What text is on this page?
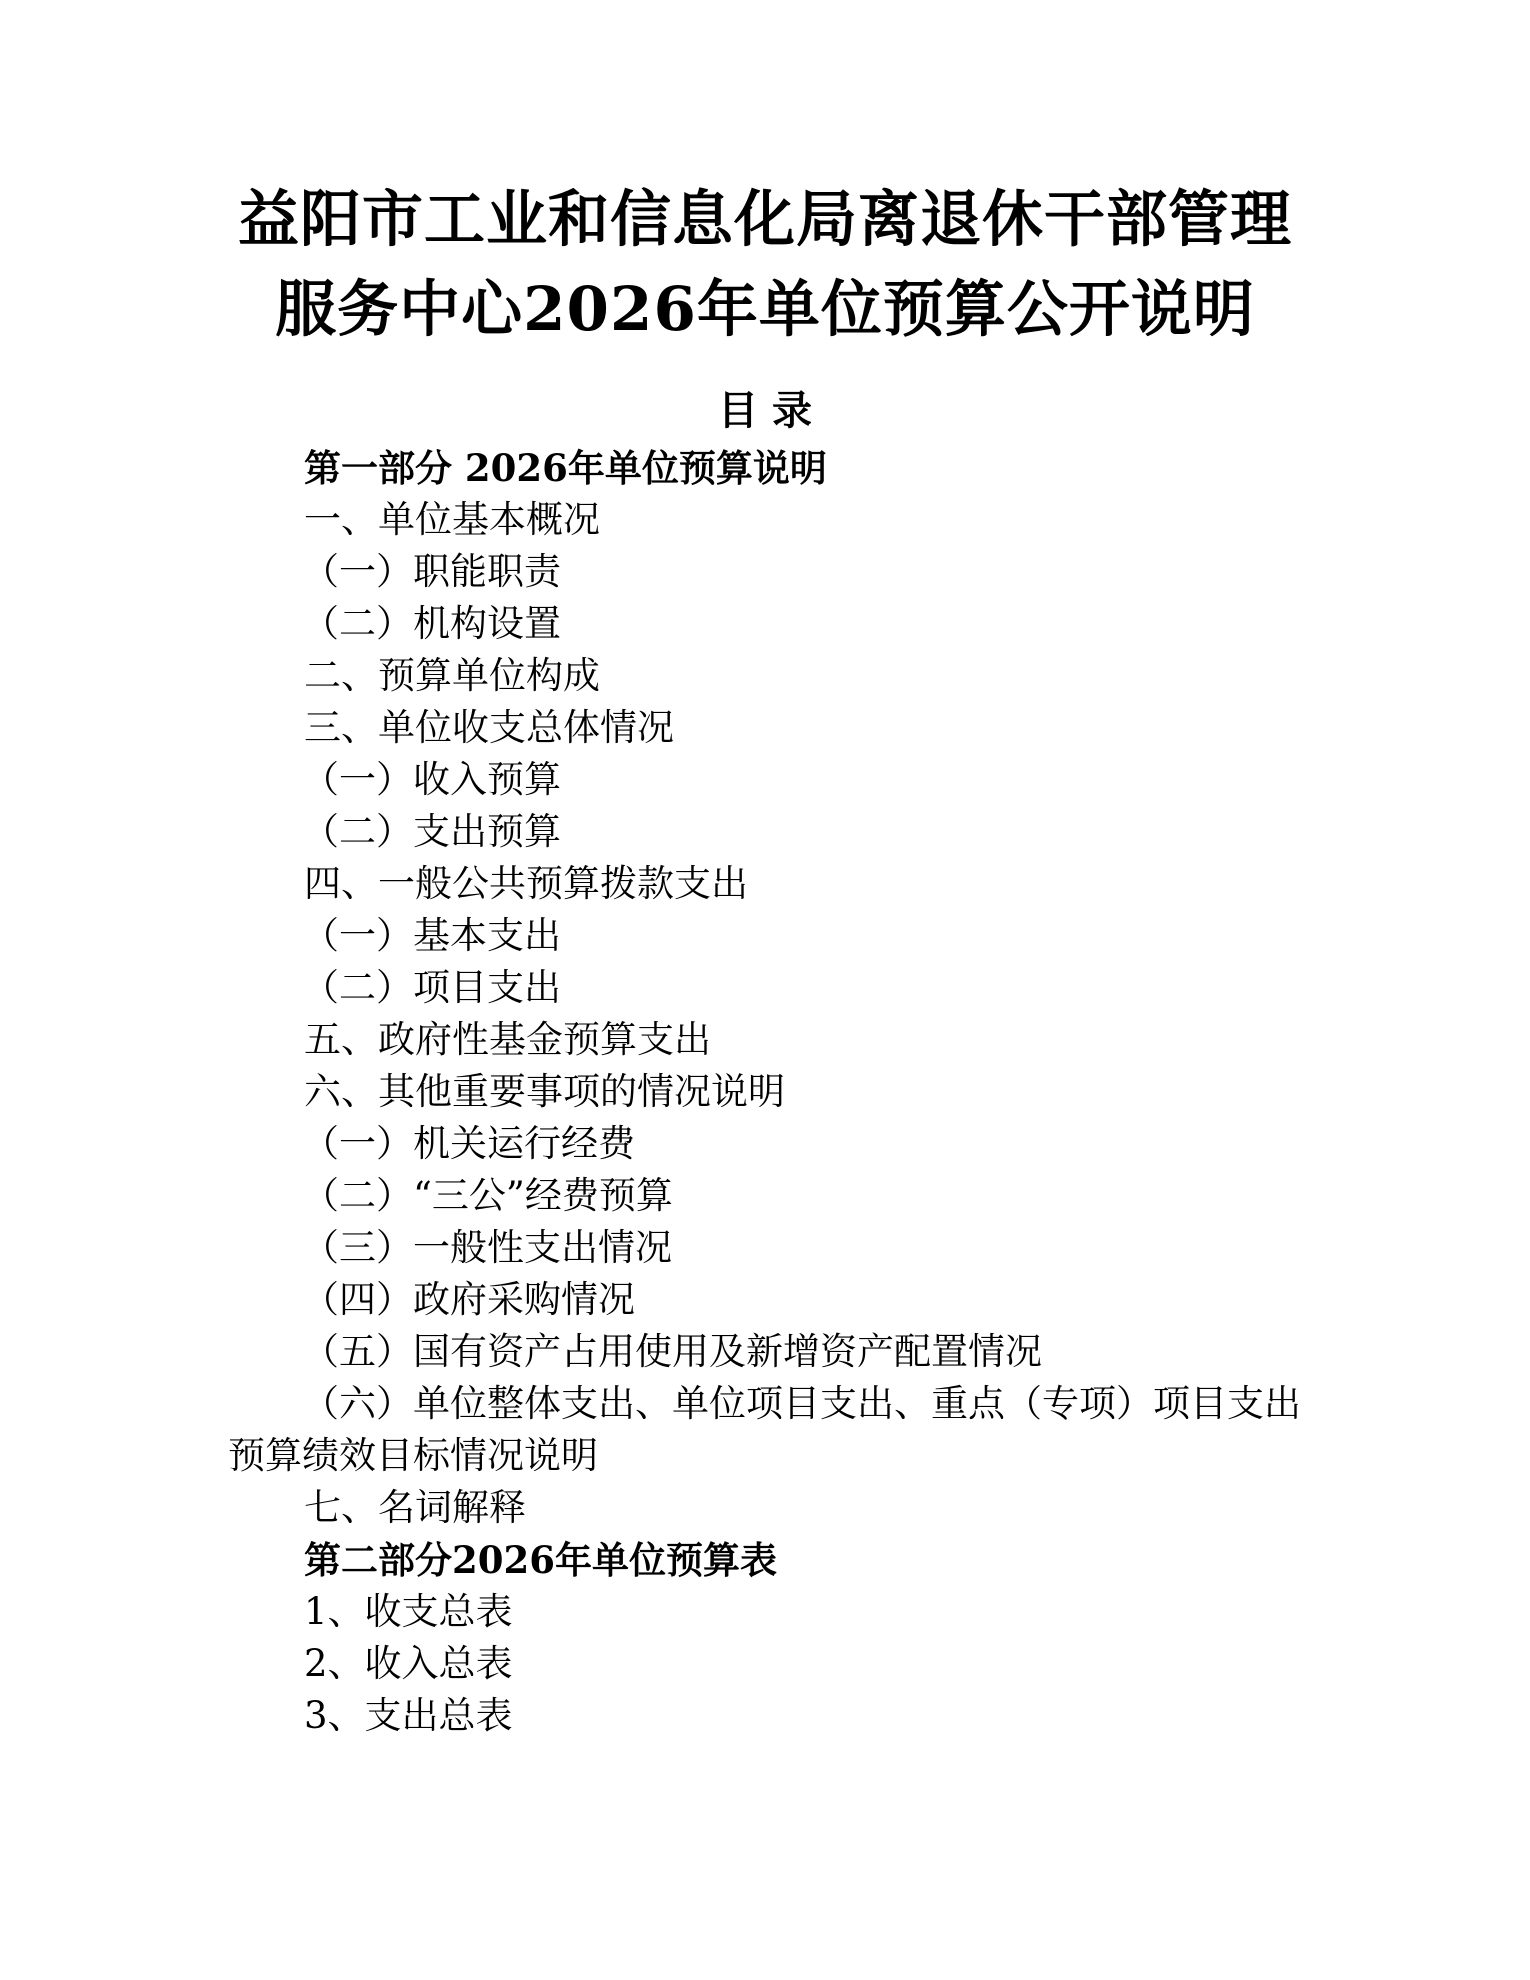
益阳市工业和信息化局离退休干部管理
服务中心2026年单位预算公开说明
目 录
第一部分 2026年单位预算说明
一、单位基本概况
（一）职能职责
（二）机构设置
二、预算单位构成
三、单位收支总体情况
（一）收入预算
（二）支出预算
四、一般公共预算拨款支出
（一）基本支出
（二）项目支出
五、政府性基金预算支出
六、其他重要事项的情况说明
（一）机关运行经费
（二）“三公”经费预算
（三）一般性支出情况
（四）政府采购情况
（五）国有资产占用使用及新增资产配置情况
（六）单位整体支出、单位项目支出、重点（专项）项目支出预算绩效目标情况说明
七、名词解释
第二部分2026年单位预算表
1、收支总表
2、收入总表
3、支出总表
